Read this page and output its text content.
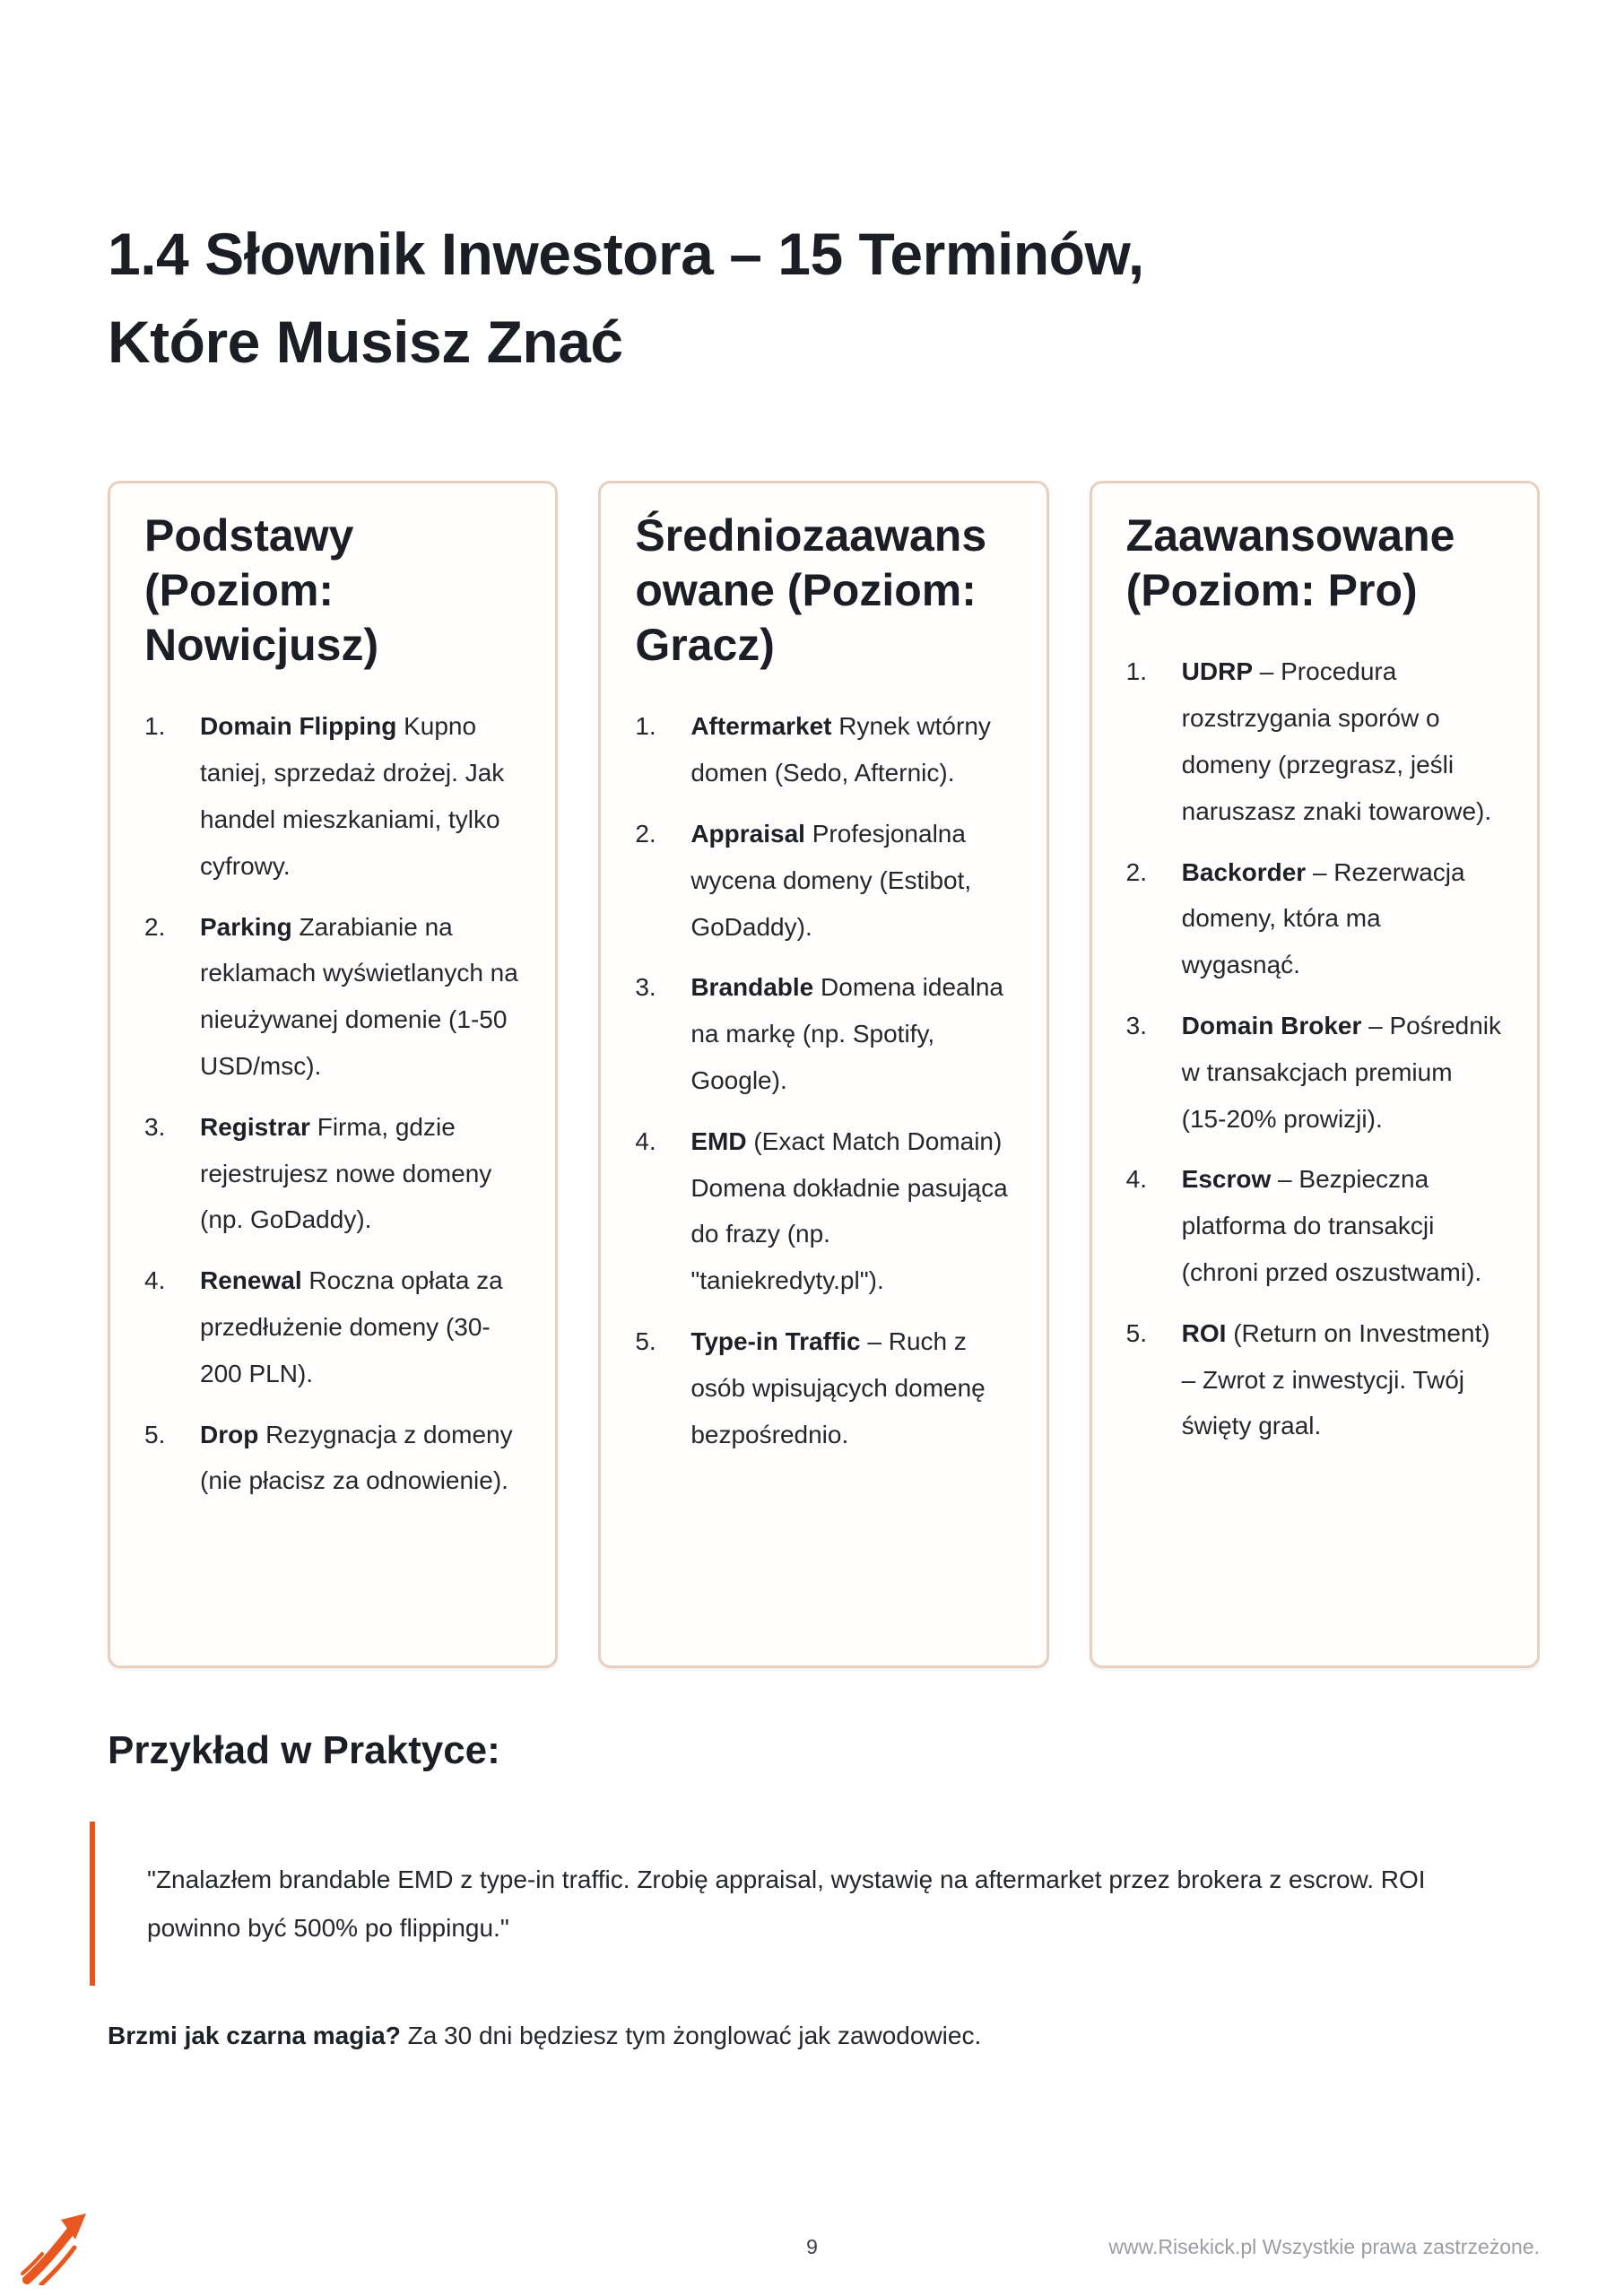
1.4 Słownik Inwestora – 15 Terminów,
Które Musisz Znać
Podstawy (Poziom: Nowicjusz)
1.	Domain Flipping Kupno taniej, sprzedaż drożej. Jak handel mieszkaniami, tylko cyfrowy.
2.	Parking Zarabianie na reklamach wyświetlanych na nieużywanej domenie (1-50 USD/msc).
3.	Registrar Firma, gdzie rejestrujesz nowe domeny (np. GoDaddy).
4.	Renewal Roczna opłata za przedłużenie domeny (30-200 PLN).
5.	Drop Rezygnacja z domeny (nie płacisz za odnowienie).
Średniozaawansowane (Poziom: Gracz)
1.	Aftermarket Rynek wtórny domen (Sedo, Afternic).
2.	Appraisal Profesjonalna wycena domeny (Estibot, GoDaddy).
3.	Brandable Domena idealna na markę (np. Spotify, Google).
4.	EMD (Exact Match Domain) Domena dokładnie pasująca do frazy (np. "taniekredyty.pl").
5.	Type-in Traffic – Ruch z osób wpisujących domenę bezpośrednio.
Zaawansowane (Poziom: Pro)
1.	UDRP – Procedura rozstrzygania sporów o domeny (przegrasz, jeśli naruszasz znaki towarowe).
2.	Backorder – Rezerwacja domeny, która ma wygasnąć.
3.	Domain Broker – Pośrednik w transakcjach premium (15-20% prowizji).
4.	Escrow – Bezpieczna platforma do transakcji (chroni przed oszustwami).
5.	ROI (Return on Investment) – Zwrot z inwestycji. Twój święty graal.
Przykład w Praktyce:
"Znalazłem brandable EMD z type-in traffic. Zrobię appraisal, wystawię na aftermarket przez brokera z escrow. ROI powinno być 500% po flippingu."

Brzmi jak czarna magia? Za 30 dni będziesz tym żonglować jak zawodowiec.

9	www.Risekick.pl Wszystkie prawa zastrzeżone.
